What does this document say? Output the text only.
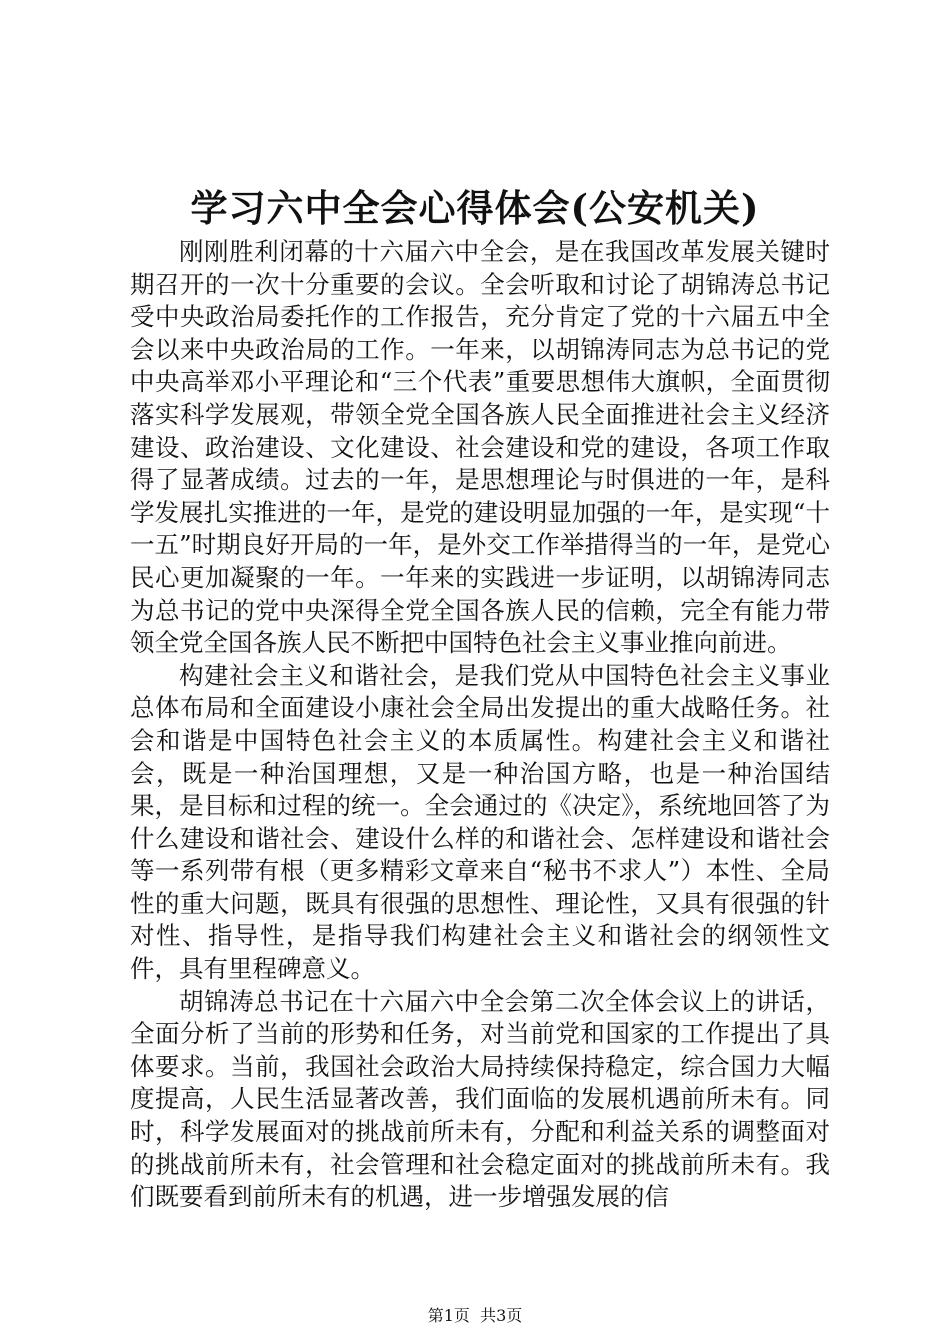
学习六中全会心得体会(公安机关)

刚刚胜利闭幕的十六届六中全会，是在我国改革发展关键时期召开的一次十分重要的会议。全会听取和讨论了胡锦涛总书记受中央政治局委托作的工作报告，充分肯定了党的十六届五中全会以来中央政治局的工作。一年来，以胡锦涛同志为总书记的党中央高举邓小平理论和“三个代表”重要思想伟大旗帜，全面贯彻落实科学发展观，带领全党全国各族人民全面推进社会主义经济建设、政治建设、文化建设、社会建设和党的建设，各项工作取得了显著成绩。过去的一年，是思想理论与时俱进的一年，是科学发展扎实推进的一年，是党的建设明显加强的一年，是实现“十一五”时期良好开局的一年，是外交工作举措得当的一年，是党心民心更加凝聚的一年。一年来的实践进一步证明，以胡锦涛同志为总书记的党中央深得全党全国各族人民的信赖，完全有能力带领全党全国各族人民不断把中国特色社会主义事业推向前进。

构建社会主义和谐社会，是我们党从中国特色社会主义事业总体布局和全面建设小康社会全局出发提出的重大战略任务。社会和谐是中国特色社会主义的本质属性。构建社会主义和谐社会，既是一种治国理想，又是一种治国方略，也是一种治国结果，是目标和过程的统一。全会通过的《决定》，系统地回答了为什么建设和谐社会、建设什么样的和谐社会、怎样建设和谐社会等一系列带有根（更多精彩文章来自“秘书不求人”）本性、全局性的重大问题，既具有很强的思想性、理论性，又具有很强的针对性、指导性，是指导我们构建社会主义和谐社会的纲领性文件，具有里程碑意义。

胡锦涛总书记在十六届六中全会第二次全体会议上的讲话，全面分析了当前的形势和任务，对当前党和国家的工作提出了具体要求。当前，我国社会政治大局持续保持稳定，综合国力大幅度提高，人民生活显著改善，我们面临的发展机遇前所未有。同时，科学发展面对的挑战前所未有，分配和利益关系的调整面对的挑战前所未有，社会管理和社会稳定面对的挑战前所未有。我们既要看到前所未有的机遇，进一步增强发展的信

第1页  共3页
